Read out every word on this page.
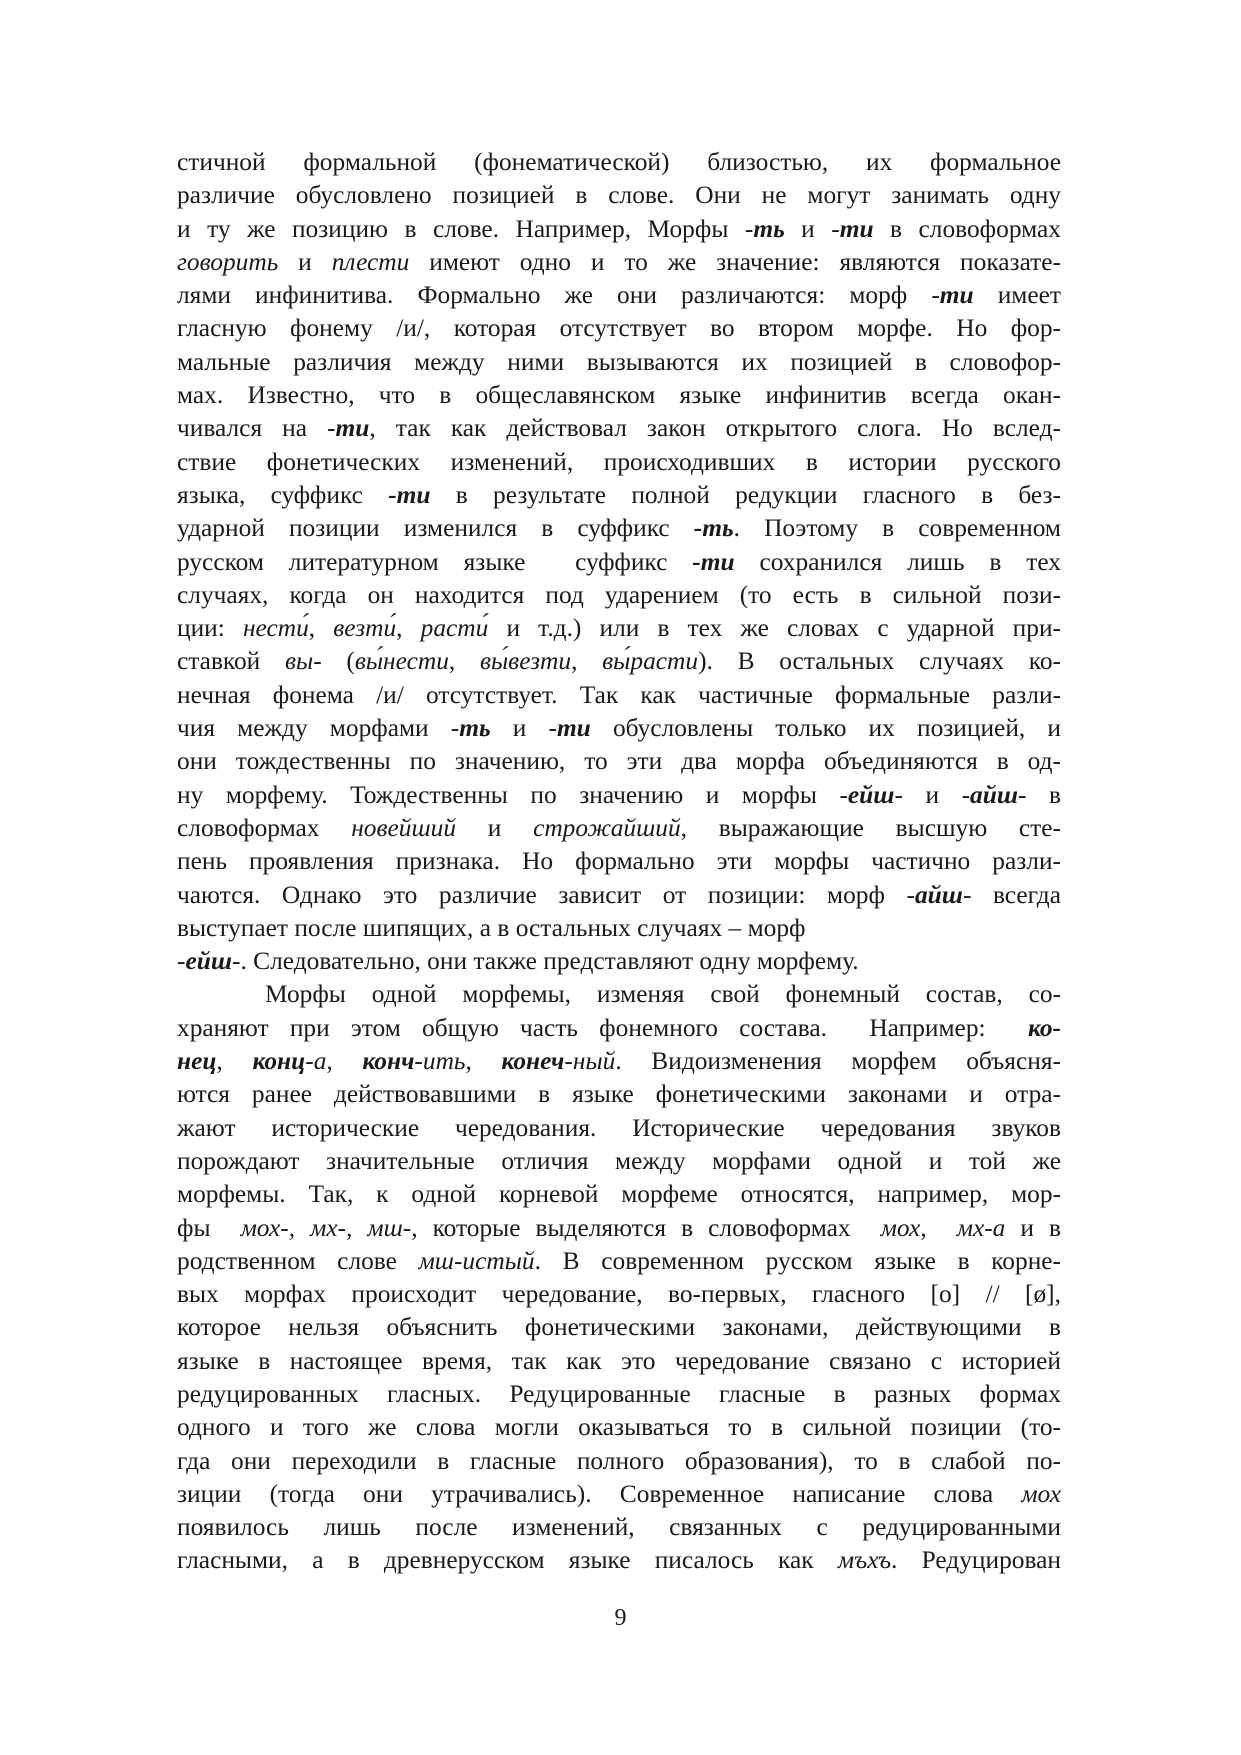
стичной формальной (фонематической) близостью, их формальное
различие обусловлено позицией в слове. Они не могут занимать одну
и ту же позицию в слове. Например, Морфы -ть и -ти в словоформах
говорить и плести имеют одно и то же значение: являются показате-
лями инфинитива. Формально же они различаются: морф -ти имеет
гласную фонему /и/, которая отсутствует во втором морфе. Но фор-
мальные различия между ними вызываются их позицией в словофор-
мах. Известно, что в общеславянском языке инфинитив всегда окан-
чивался на -ти, так как действовал закон открытого слога. Но вслед-
ствие фонетических изменений, происходивших в истории русского
языка, суффикс -ти в результате полной редукции гласного в без-
ударной позиции изменился в суффикс -ть. Поэтому в современном
русском литературном языке  суффикс -ти сохранился лишь в тех
случаях, когда он находится под ударением (то есть в сильной пози-
ции: нести́, везти́, расти́ и т.д.) или в тех же словах с ударной при-
ставкой вы- (вы́нести, вы́везти, вы́расти). В остальных случаях ко-
нечная фонема /и/ отсутствует. Так как частичные формальные разли-
чия между морфами -ть и -ти обусловлены только их позицией, и
они тождественны по значению, то эти два морфа объединяются в од-
ну морфему. Тождественны по значению и морфы -ейш- и -айш- в
словоформах новейший и строжайший, выражающие высшую сте-
пень проявления признака. Но формально эти морфы частично разли-
чаются. Однако это различие зависит от позиции: морф -айш- всегда
выступает после шипящих, а в остальных случаях – морф
-ейш-. Следовательно, они также представляют одну морфему.
Морфы одной морфемы, изменяя свой фонемный состав, со-
храняют при этом общую часть фонемного состава.  Например:  ко-
нец, конц-а, конч-ить, конеч-ный. Видоизменения морфем объясня-
ются ранее действовавшими в языке фонетическими законами и отра-
жают исторические чередования. Исторические чередования звуков
порождают значительные отличия между морфами одной и той же
морфемы. Так, к одной корневой морфеме относятся, например, мор-
фы  мох-, мх-, мш-, которые выделяются в словоформах  мох,  мх-а и в
родственном слове мш-истый. В современном русском языке в корне-
вых морфах происходит чередование, во-первых, гласного [о] // [ø],
которое нельзя объяснить фонетическими законами, действующими в
языке в настоящее время, так как это чередование связано с историей
редуцированных гласных. Редуцированные гласные в разных формах
одного и того же слова могли оказываться то в сильной позиции (то-
гда они переходили в гласные полного образования), то в слабой по-
зиции (тогда они утрачивались). Современное написание слова мох
появилось лишь после изменений, связанных с редуцированными
гласными, а в древнерусском языке писалось как мъхъ. Редуцирован
9
